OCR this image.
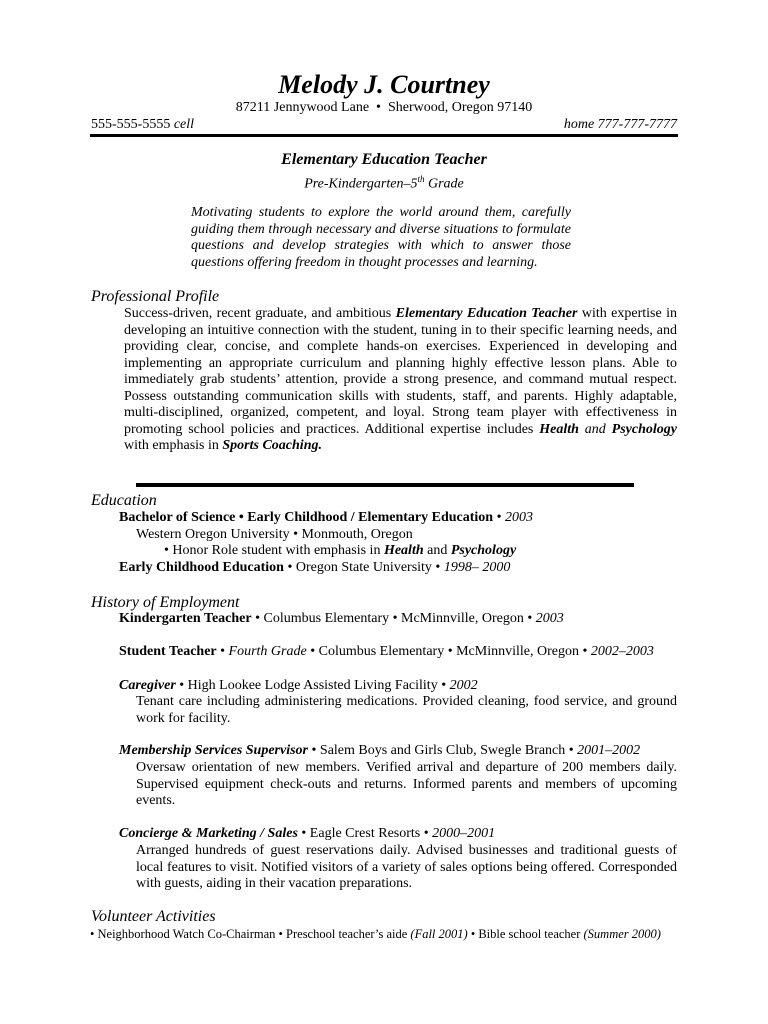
Melody J. Courtney
87211 Jennywood Lane • Sherwood, Oregon 97140
555-555-5555 cell	home 777-777-7777
Elementary Education Teacher
Pre-Kindergarten–5th Grade
Motivating students to explore the world around them, carefully guiding them through necessary and diverse situations to formulate questions and develop strategies with which to answer those questions offering freedom in thought processes and learning.
Professional Profile
Success-driven, recent graduate, and ambitious Elementary Education Teacher with expertise in developing an intuitive connection with the student, tuning in to their specific learning needs, and providing clear, concise, and complete hands-on exercises. Experienced in developing and implementing an appropriate curriculum and planning highly effective lesson plans. Able to immediately grab students’ attention, provide a strong presence, and command mutual respect. Possess outstanding communication skills with students, staff, and parents. Highly adaptable, multi-disciplined, organized, competent, and loyal. Strong team player with effectiveness in promoting school policies and practices. Additional expertise includes Health and Psychology with emphasis in Sports Coaching.
Education
Bachelor of Science • Early Childhood / Elementary Education • 2003
Western Oregon University • Monmouth, Oregon
• Honor Role student with emphasis in Health and Psychology
Early Childhood Education • Oregon State University • 1998– 2000
History of Employment
Kindergarten Teacher • Columbus Elementary • McMinnville, Oregon • 2003
Student Teacher • Fourth Grade • Columbus Elementary • McMinnville, Oregon • 2002–2003
Caregiver • High Lookee Lodge Assisted Living Facility • 2002
Tenant care including administering medications. Provided cleaning, food service, and ground work for facility.
Membership Services Supervisor • Salem Boys and Girls Club, Swegle Branch • 2001–2002
Oversaw orientation of new members. Verified arrival and departure of 200 members daily. Supervised equipment check-outs and returns. Informed parents and members of upcoming events.
Concierge & Marketing / Sales • Eagle Crest Resorts • 2000–2001
Arranged hundreds of guest reservations daily. Advised businesses and traditional guests of local features to visit. Notified visitors of a variety of sales options being offered. Corresponded with guests, aiding in their vacation preparations.
Volunteer Activities
• Neighborhood Watch Co-Chairman • Preschool teacher’s aide (Fall 2001) • Bible school teacher (Summer 2000)
